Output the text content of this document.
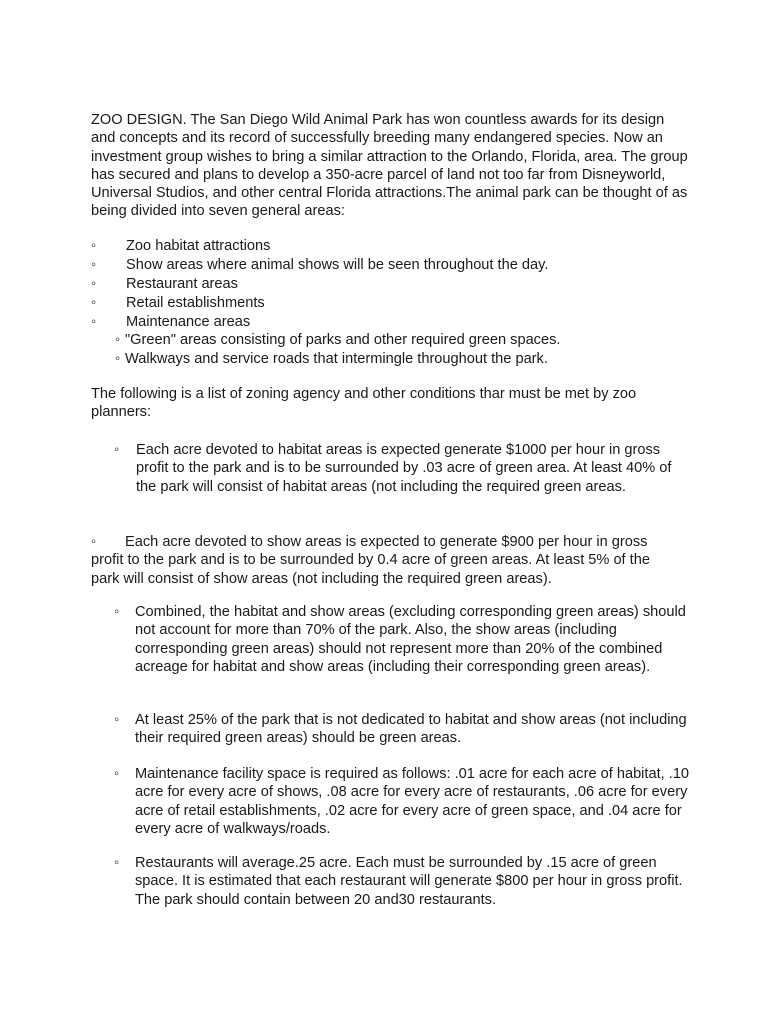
ZOO DESIGN. The San Diego Wild Animal Park has won countless awards for its design and concepts and its record of successfully breeding many endangered species. Now an investment group wishes to bring a similar attraction to the Orlando, Florida, area. The group has secured and plans to develop a 350-acre parcel of land not too far from Disneyworld, Universal Studios, and other central Florida attractions.The animal park can be thought of as being divided into seven general areas:

◦ Zoo habitat attractions
◦ Show areas where animal shows will be seen throughout the day.
◦ Restaurant areas
◦ Retail establishments
◦ Maintenance areas
◦ "Green" areas consisting of parks and other required green spaces.
◦ Walkways and service roads that intermingle throughout the park.

The following is a list of zoning agency and other conditions thar must be met by zoo planners:

◦ Each acre devoted to habitat areas is expected generate $1000 per hour in gross profit to the park and is to be surrounded by .03 acre of green area. At least 40% of the park will consist of habitat areas (not including the required green areas.
◦	Each acre devoted to show areas is expected to generate $900 per hour in gross profit to the park and is to be surrounded by 0.4 acre of green areas. At least 5% of the park will consist of show areas (not including the required green areas).
◦	Combined, the habitat and show areas (excluding corresponding green areas) should not account for more than 70% of the park. Also, the show areas (including corresponding green areas) should not represent more than 20% of the combined acreage for habitat and show areas (including their corresponding green areas).
◦	At least 25% of the park that is not dedicated to habitat and show areas (not including their required green areas) should be green areas.
◦	Maintenance facility space is required as follows: .01 acre for each acre of habitat, .10 acre for every acre of shows, .08 acre for every acre of restaurants, .06 acre for every acre of retail establishments, .02 acre for every acre of green space, and .04 acre for every acre of walkways/roads.
◦	Restaurants will average.25 acre. Each must be surrounded by .15 acre of green space. It is estimated that each restaurant will generate $800 per hour in gross profit. The park should contain between 20 and30 restaurants.
